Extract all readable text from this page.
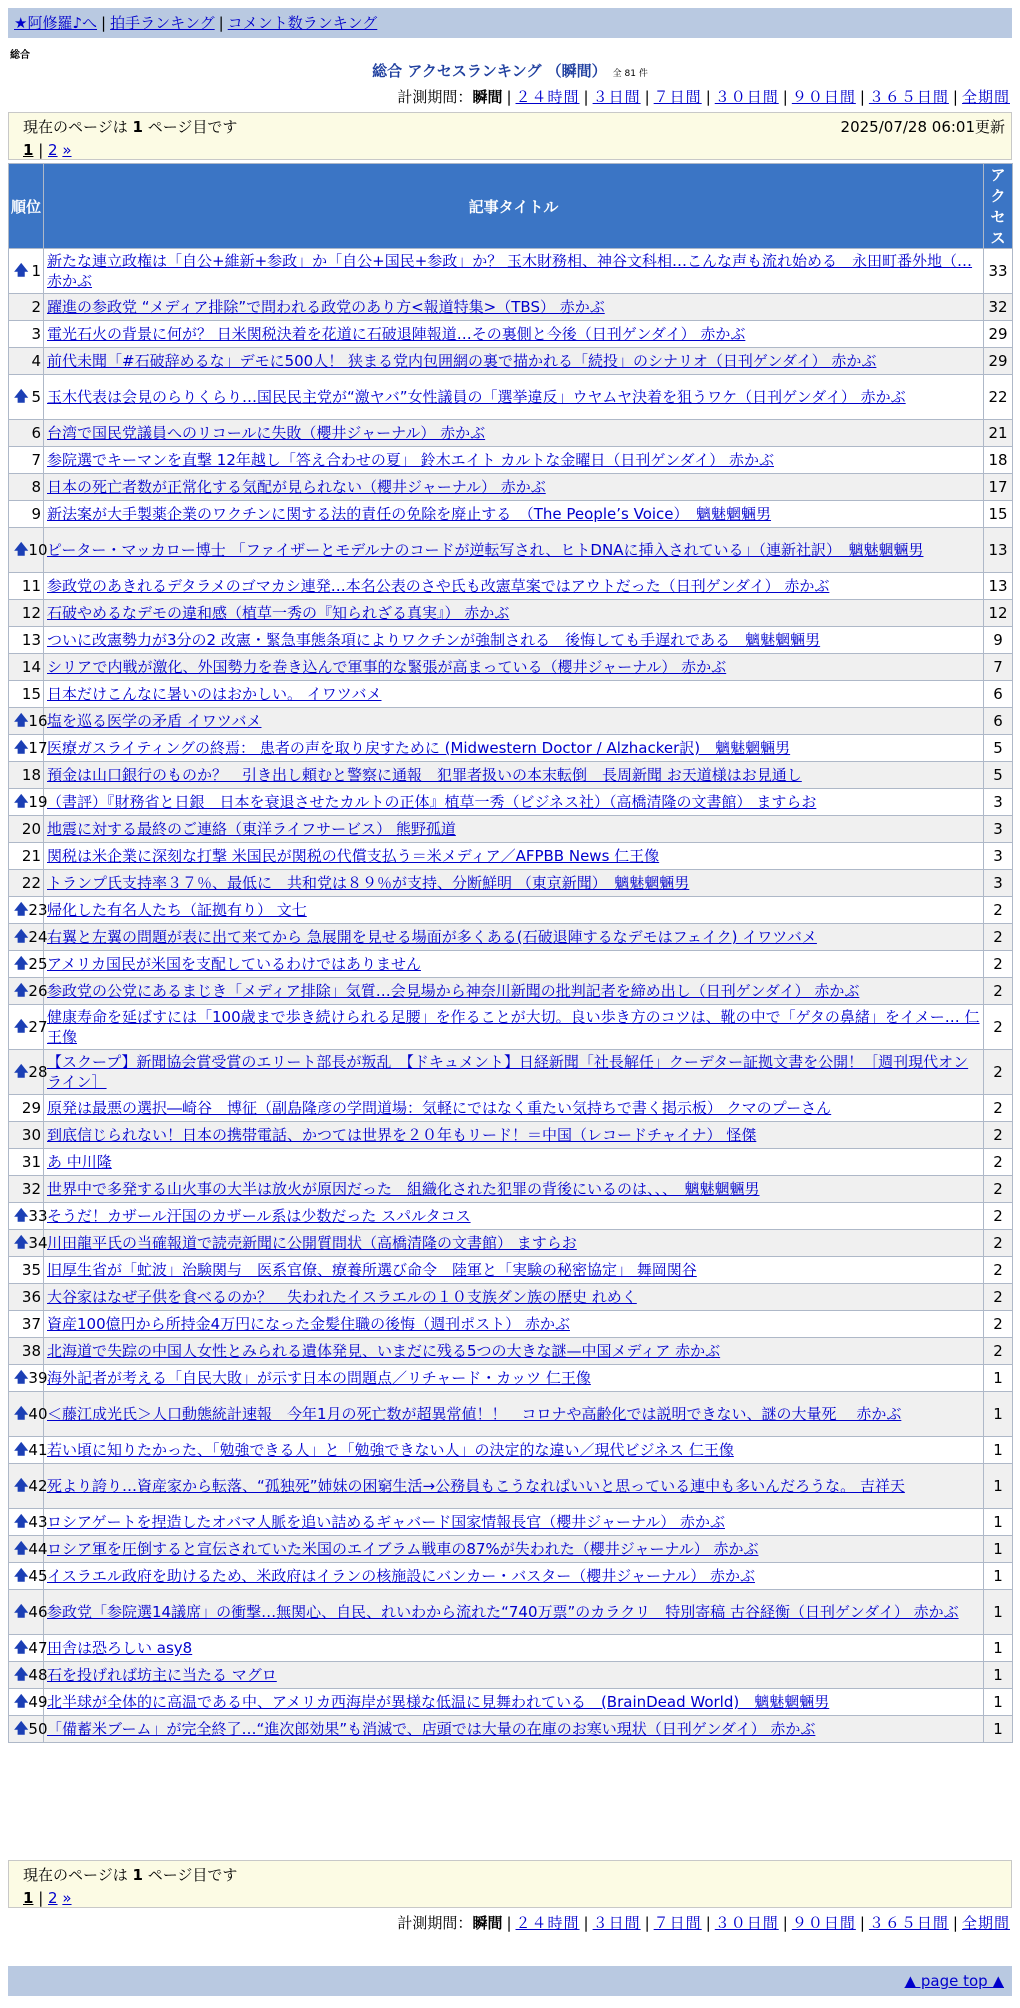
★阿修羅♪へ | 拍手ランキング | コメント数ランキング
総合
総合 アクセスランキング （瞬間） 全 81 件
計測期間：瞬間 | ２４時間 | ３日間 | ７日間 | ３０日間 | ９０日間 | ３６５日間 | 全期間
現在のページは 1 ページ目です	2025/07/28 06:01更新
1 | 2 »
順位	記事タイトル	アクセス

🡅 1	新たな連立政権は「自公+維新+参政」か「自公+国民+参政」か？ 玉木財務相、神谷文科相…こんな声も流れ始める　永田町番外地（… 赤かぶ	33
2	躍進の参政党 “メディア排除”で問われる政党のあり方<報道特集>（TBS） 赤かぶ	32
3	電光石火の背景に何が？ 日米関税決着を花道に石破退陣報道…その裏側と今後（日刊ゲンダイ） 赤かぶ	29
4	前代未聞「#石破辞めるな」デモに500人！ 狭まる党内包囲網の裏で描かれる「続投」のシナリオ（日刊ゲンダイ） 赤かぶ	29

🡅 5	玉木代表は会見のらりくらり…国民民主党が“激ヤバ”女性議員の「選挙違反」ウヤムヤ決着を狙うワケ（日刊ゲンダイ） 赤かぶ	22
6	台湾で国民党議員へのリコールに失敗（櫻井ジャーナル） 赤かぶ	21
7	参院選でキーマンを直撃 12年越し「答え合わせの夏」 鈴木エイト カルトな金曜日（日刊ゲンダイ） 赤かぶ	18
8	日本の死亡者数が正常化する気配が見られない（櫻井ジャーナル） 赤かぶ	17
9	新法案が大手製薬企業のワクチンに関する法的責任の免除を廃止する　（The People’s Voice）　魑魅魍魎男	15

🡅 10	ピーター・マッカロー博士 「ファイザーとモデルナのコードが逆転写され、ヒトDNAに挿入されている」（連新社訳）　魑魅魍魎男	13
11	参政党のあきれるデタラメのゴマカシ連発…本名公表のさや氏も改憲草案ではアウトだった（日刊ゲンダイ） 赤かぶ	13
12	石破やめるなデモの違和感（植草一秀の『知られざる真実』） 赤かぶ	12
13	ついに改憲勢力が3分の2 改憲・緊急事態条項によりワクチンが強制される　後悔しても手遅れである　魑魅魍魎男	9
14	シリアで内戦が激化、外国勢力を巻き込んで軍事的な緊張が高まっている（櫻井ジャーナル） 赤かぶ	7
15	日本だけこんなに暑いのはおかしい。 イワツバメ	6

🡅 16	塩を巡る医学の矛盾 イワツバメ	6

🡅 17	医療ガスライティングの終焉： 患者の声を取り戻すために (Midwestern Doctor / Alzhacker訳)　魑魅魍魎男	5
18	預金は山口銀行のものか？　引き出し頼むと警察に通報　犯罪者扱いの本末転倒　長周新聞 お天道様はお見通し	5

🡅 19	（書評）『財務省と日銀　日本を衰退させたカルトの正体』植草一秀（ビジネス社）（高橋清隆の文書館） ますらお	3
20	地震に対する最終のご連絡（東洋ライフサービス） 熊野孤道	3
21	関税は米企業に深刻な打撃 米国民が関税の代償支払う＝米メディア／AFPBB News 仁王像	3
22	トランプ氏支持率３７％、最低に　共和党は８９％が支持、分断鮮明 （東京新聞）　魑魅魍魎男	3

🡅 23	帰化した有名人たち（証拠有り） 文七	2

🡅 24	右翼と左翼の問題が表に出て来てから 急展開を見せる場面が多くある(石破退陣するなデモはフェイク) イワツバメ	2

🡅 25	アメリカ国民が米国を支配しているわけではありません	2

🡅 26	参政党の公党にあるまじき「メディア排除」気質…会見場から神奈川新聞の批判記者を締め出し（日刊ゲンダイ） 赤かぶ	2

🡅 27	健康寿命を延ばすには「100歳まで歩き続けられる足腰」を作ることが大切。良い歩き方のコツは、靴の中で「ゲタの鼻緒」をイメー… 仁王像	2

🡅 28	【スクープ】新聞協会賞受賞のエリート部長が叛乱　【ドキュメント】日経新聞「社長解任」クーデター証拠文書を公開！［週刊現代オンライン］	2
29	原発は最悪の選択―崎谷　博征（副島隆彦の学問道場：気軽にではなく重たい気持ちで書く掲示板） クマのプーさん	2
30	到底信じられない！日本の携帯電話、かつては世界を２０年もリード！＝中国（レコードチャイナ） 怪傑	2
31	あ 中川隆	2
32	世界中で多発する山火事の大半は放火が原因だった　組織化された犯罪の背後にいるのは、、、　魑魅魍魎男	2

🡅 33	そうだ！カザール汗国のカザール系は少数だった スパルタコス	2

🡅 34	川田龍平氏の当確報道で読売新聞に公開質問状（高橋清隆の文書館） ますらお	2
35	旧厚生省が「虻波」治験関与　医系官僚、療養所選び命令　陸軍と「実験の秘密協定」 舞岡関谷	2
36	大谷家はなぜ子供を食べるのか？　失われたイスラエルの１０支族ダン族の歴史 れめく	2
37	資産100億円から所持金4万円になった金髪住職の後悔（週刊ポスト） 赤かぶ	2
38	北海道で失踪の中国人女性とみられる遺体発見、いまだに残る5つの大きな謎—中国メディア 赤かぶ	2

🡅 39	海外記者が考える「自民大敗」が示す日本の問題点／リチャード・カッツ 仁王像	1

🡅 40	＜藤江成光氏＞人口動態統計速報　今年1月の死亡数が超異常値！！　コロナや高齢化では説明できない、謎の大量死　 赤かぶ	1

🡅 41	若い頃に知りたかった、「勉強できる人」と「勉強できない人」の決定的な違い／現代ビジネス 仁王像	1

🡅 42	死より誇り…資産家から転落、“孤独死”姉妹の困窮生活→公務員もこうなればいいと思っている連中も多いんだろうな。 吉祥天	1

🡅 43	ロシアゲートを捏造したオバマ人脈を追い詰めるギャバード国家情報長官（櫻井ジャーナル） 赤かぶ	1

🡅 44	ロシア軍を圧倒すると宣伝されていた米国のエイブラム戦車の87%が失われた（櫻井ジャーナル） 赤かぶ	1

🡅 45	イスラエル政府を助けるため、米政府はイランの核施設にバンカー・バスター（櫻井ジャーナル） 赤かぶ	1

🡅 46	参政党「参院選14議席」の衝撃…無関心、自民、れいわから流れた“740万票”のカラクリ　特別寄稿 古谷経衡（日刊ゲンダイ） 赤かぶ	1

🡅 47	田舎は恐ろしい asy8	1

🡅 48	石を投げれば坊主に当たる マグロ	1

🡅 49	北半球が全体的に高温である中、アメリカ西海岸が異様な低温に見舞われている　(BrainDead World)　魑魅魍魎男	1

🡅 50	「備蓄米ブーム」が完全終了…“進次郎効果”も消滅で、店頭では大量の在庫のお寒い現状（日刊ゲンダイ） 赤かぶ	1
現在のページは 1 ページ目です
1 | 2 »
計測期間：瞬間 | ２４時間 | ３日間 | ７日間 | ３０日間 | ９０日間 | ３６５日間 | 全期間
▲ page top ▲
